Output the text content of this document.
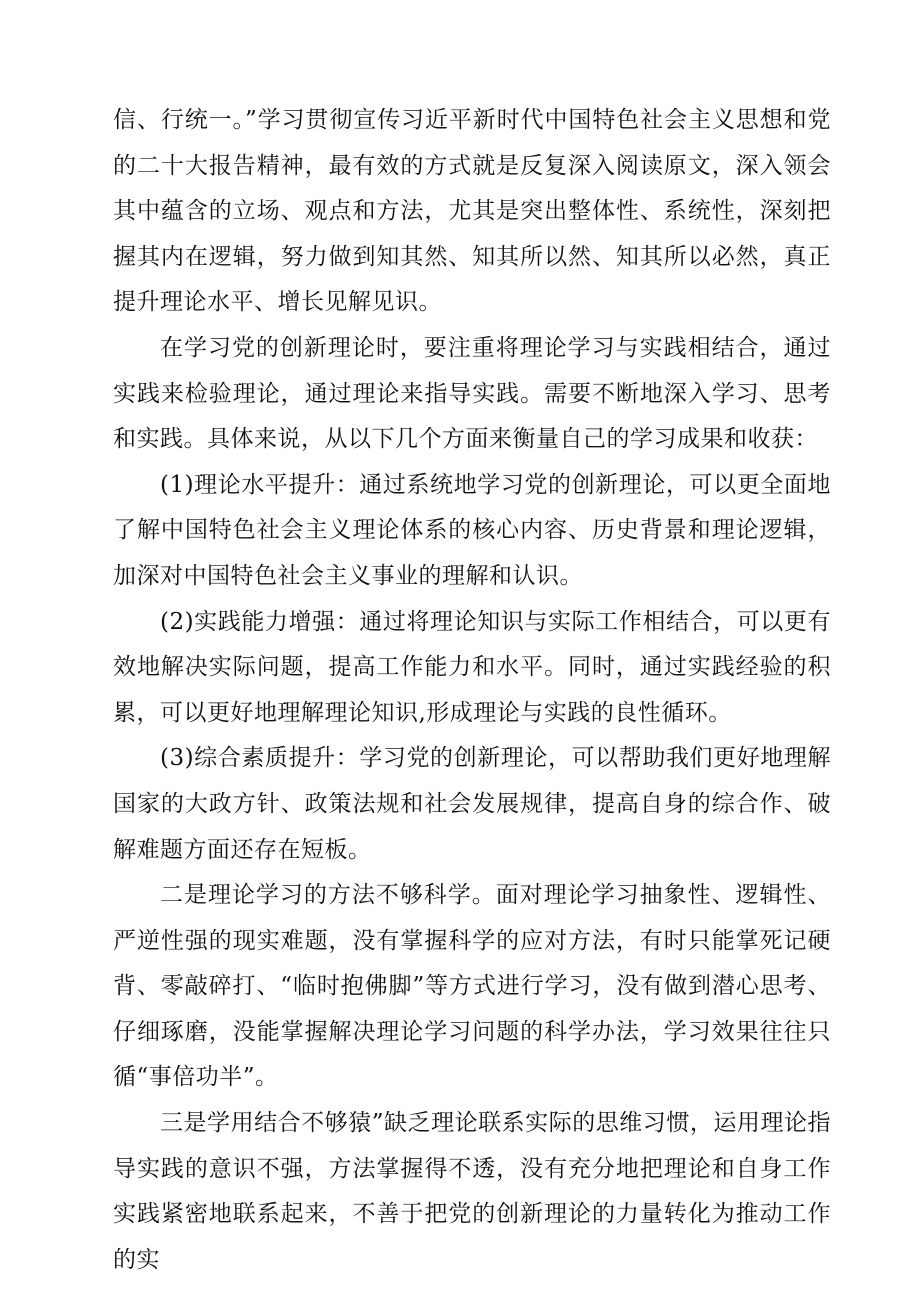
信、行统一。”学习贯彻宣传习近平新时代中国特色社会主义思想和党的二十大报告精神，最有效的方式就是反复深入阅读原文，深入领会其中蕴含的立场、观点和方法，尤其是突出整体性、系统性，深刻把握其内在逻辑，努力做到知其然、知其所以然、知其所以必然，真正提升理论水平、增长见解见识。

在学习党的创新理论时，要注重将理论学习与实践相结合，通过实践来检验理论，通过理论来指导实践。需要不断地深入学习、思考和实践。具体来说，从以下几个方面来衡量自己的学习成果和收获：

(1)理论水平提升：通过系统地学习党的创新理论，可以更全面地了解中国特色社会主义理论体系的核心内容、历史背景和理论逻辑，加深对中国特色社会主义事业的理解和认识。

(2)实践能力增强：通过将理论知识与实际工作相结合，可以更有效地解决实际问题，提高工作能力和水平。同时，通过实践经验的积累，可以更好地理解理论知识,形成理论与实践的良性循环。

(3)综合素质提升：学习党的创新理论，可以帮助我们更好地理解国家的大政方针、政策法规和社会发展规律，提高自身的综合作、破解难题方面还存在短板。

二是理论学习的方法不够科学。面对理论学习抽象性、逻辑性、严逆性强的现实难题，没有掌握科学的应对方法，有时只能掌死记硬背、零敲碎打、“临时抱佛脚”等方式进行学习，没有做到潜心思考、仔细琢磨，没能掌握解决理论学习问题的科学办法，学习效果往往只循“事倍功半”。

三是学用结合不够猿”缺乏理论联系实际的思维习惯，运用理论指导实践的意识不强，方法掌握得不透，没有充分地把理论和自身工作实践紧密地联系起来，不善于把党的创新理论的力量转化为推动工作的实
